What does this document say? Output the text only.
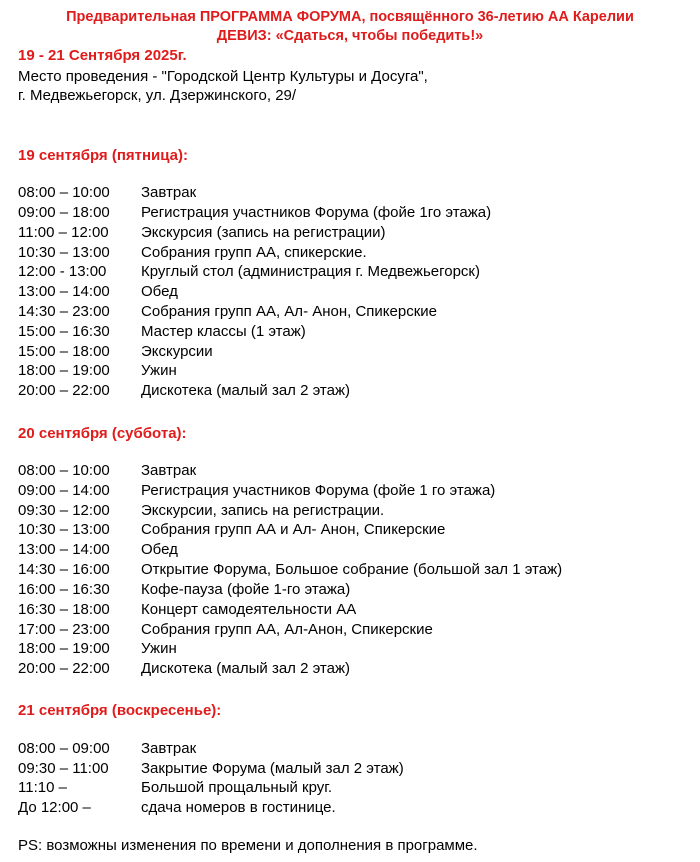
Предварительная ПРОГРАММА ФОРУМА, посвящённого 36-летию АА Карелии
ДЕВИЗ: «Сдаться, чтобы победить!»
19 - 21 Сентября 2025г.
Место проведения - "Городской Центр Культуры и Досуга",
г. Медвежьегорск, ул. Дзержинского, 29/
19 сентября (пятница):
08:00 – 10:00 Завтрак
09:00 – 18:00 Регистрация участников Форума (фойе 1го этажа)
11:00 – 12:00 Экскурсия (запись на регистрации)
10:30 – 13:00 Собрания групп АА, спикерские.
12:00 - 13:00 Круглый стол (администрация г. Медвежьегорск)
13:00 – 14:00 Обед
14:30 – 23:00 Собрания групп АА, Ал- Анон, Спикерские
15:00 – 16:30 Мастер классы (1 этаж)
15:00 – 18:00 Экскурсии
18:00 – 19:00 Ужин
20:00 – 22:00 Дискотека (малый зал 2 этаж)
20 сентября (суббота):
08:00 – 10:00 Завтрак
09:00 – 14:00 Регистрация участников Форума (фойе 1 го этажа)
09:30 – 12:00 Экскурсии, запись на регистрации.
10:30 – 13:00 Собрания групп АА и Ал- Анон, Спикерские
13:00 – 14:00 Обед
14:30 – 16:00 Открытие Форума, Большое собрание (большой зал 1 этаж)
16:00 – 16:30 Кофе-пауза (фойе 1-го этажа)
16:30 – 18:00 Концерт самодеятельности АА
17:00 – 23:00 Собрания групп АА, Ал-Анон, Спикерские
18:00 – 19:00 Ужин
20:00 – 22:00 Дискотека (малый зал 2 этаж)
21 сентября (воскресенье):
08:00 – 09:00 Завтрак
09:30 – 11:00 Закрытие Форума (малый зал 2 этаж)
11:10 –	Большой прощальный круг.
До 12:00 –	сдача номеров в гостинице.
PS: возможны изменения по времени и дополнения в программе.
